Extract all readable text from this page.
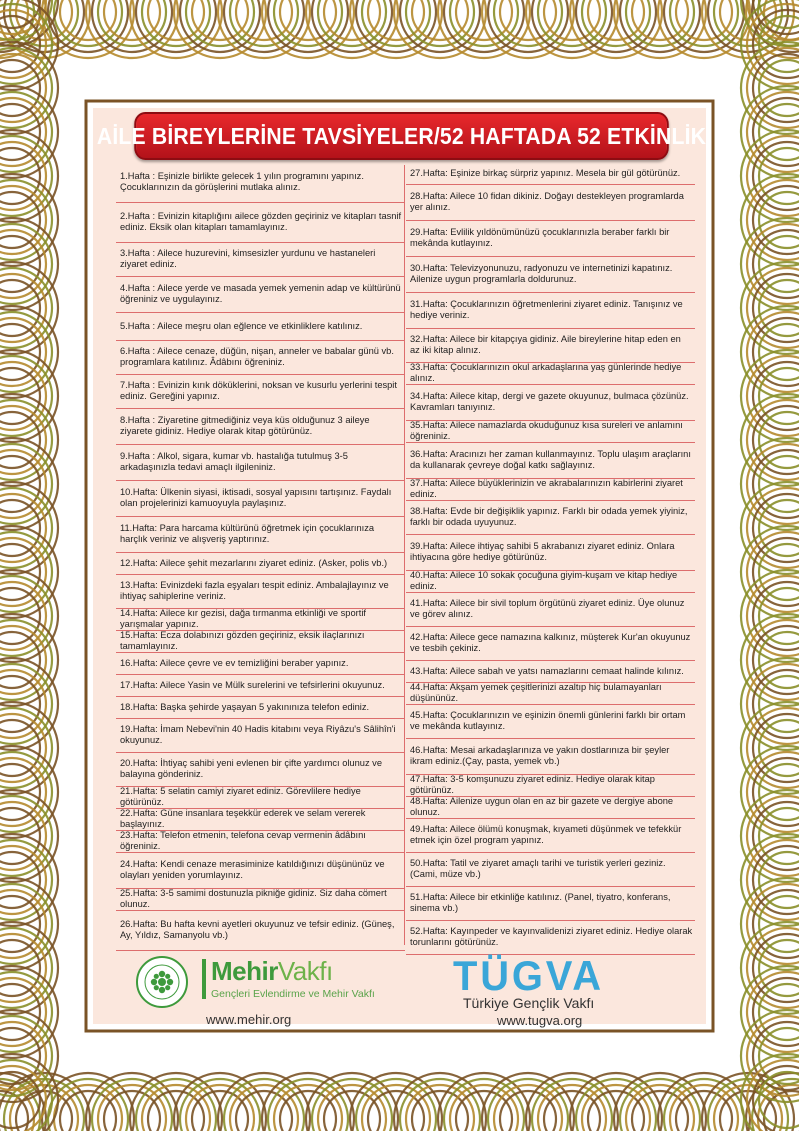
AİLE BİREYLERİNE TAVSİYELER/52 HAFTADA 52 ETKİNLİK
1.Hafta : Eşinizle birlikte gelecek 1 yılın programını yapınız. Çocuklarınızın da görüşlerini mutlaka alınız.
2.Hafta : Evinizin kitaplığını ailece gözden geçiriniz ve kitapları tasnif ediniz. Eksik olan kitapları tamamlayınız.
3.Hafta : Ailece huzurevini, kimsesizler yurdunu ve hastaneleri ziyaret ediniz.
4.Hafta : Ailece yerde ve masada yemek yemenin adap ve kültürünü öğreniniz ve uygulayınız.
5.Hafta : Ailece meşru olan eğlence ve etkinliklere katılınız.
6.Hafta : Ailece cenaze, düğün, nişan, anneler ve babalar günü vb. programlara katılınız. Âdâbını öğreniniz.
7.Hafta : Evinizin kırık döküklerini, noksan ve kusurlu yerlerini tespit ediniz. Gereğini yapınız.
8.Hafta : Ziyaretine gitmediğiniz veya küs olduğunuz 3 aileye ziyarete gidiniz. Hediye olarak kitap götürünüz.
9.Hafta : Alkol, sigara, kumar vb. hastalığa tutulmuş 3-5 arkadaşınızla tedavi amaçlı ilgileniniz.
10.Hafta: Ülkenin siyasi, iktisadi, sosyal yapısını tartışınız. Faydalı olan projelerinizi kamuoyuyla paylaşınız.
11.Hafta: Para harcama kültürünü öğretmek için çocuklarınıza harçlık veriniz ve alışveriş yaptırınız.
12.Hafta: Ailece şehit mezarlarını ziyaret ediniz. (Asker, polis vb.)
13.Hafta: Evinizdeki fazla eşyaları tespit ediniz. Ambalajlayınız ve ihtiyaç sahiplerine veriniz.
14.Hafta: Ailece kır gezisi, dağa tırmanma etkinliği ve sportif yarışmalar yapınız.
15.Hafta: Ecza dolabınızı gözden geçiriniz, eksik ilaçlarınızı tamamlayınız.
16.Hafta: Ailece çevre ve ev temizliğini beraber yapınız.
17.Hafta: Ailece Yasin ve Mülk surelerini ve tefsirlerini okuyunuz.
18.Hafta: Başka şehirde yaşayan 5 yakınınıza telefon ediniz.
19.Hafta: İmam Nebevi'nin 40 Hadis kitabını veya Riyâzu's Sâlihîn'i okuyunuz.
20.Hafta: İhtiyaç sahibi yeni evlenen bir çifte yardımcı olunuz ve balayına gönderiniz.
21.Hafta: 5 selatin camiyi ziyaret ediniz. Görevlilere hediye götürünüz.
22.Hafta: Güne insanlara teşekkür ederek ve selam vererek başlayınız.
23.Hafta: Telefon etmenin, telefona cevap vermenin âdâbını öğreniniz.
24.Hafta: Kendi cenaze merasiminize katıldığınızı düşününüz ve olayları yeniden yorumlayınız.
25.Hafta: 3-5 samimi dostunuzla pikniğe gidiniz. Siz daha cömert olunuz.
26.Hafta: Bu hafta kevni ayetleri okuyunuz ve tefsir ediniz. (Güneş, Ay, Yıldız, Samanyolu vb.)
27.Hafta: Eşinize birkaç sürpriz yapınız. Mesela bir gül götürünüz.
28.Hafta: Ailece 10 fidan dikiniz. Doğayı destekleyen programlarda yer alınız.
29.Hafta: Evlilik yıldönümünüzü çocuklarınızla beraber farklı bir mekânda kutlayınız.
30.Hafta: Televizyonunuzu, radyonuzu ve internetinizi kapatınız. Ailenize uygun programlarla doldurunuz.
31.Hafta: Çocuklarınızın öğretmenlerini ziyaret ediniz. Tanışınız ve hediye veriniz.
32.Hafta: Ailece bir kitapçıya gidiniz. Aile bireylerine hitap eden en az iki kitap alınız.
33.Hafta: Çocuklarınızın okul arkadaşlarına yaş günlerinde hediye alınız.
34.Hafta: Ailece kitap, dergi ve gazete okuyunuz, bulmaca çözünüz. Kavramları tanıyınız.
35.Hafta: Ailece namazlarda okuduğunuz kısa sureleri ve anlamını öğreniniz.
36.Hafta: Aracınızı her zaman kullanmayınız. Toplu ulaşım araçlarını da kullanarak çevreye doğal katkı sağlayınız.
37.Hafta: Ailece büyüklerinizin ve akrabalarınızın kabirlerini ziyaret ediniz.
38.Hafta: Evde bir değişiklik yapınız. Farklı bir odada yemek yiyiniz, farklı bir odada uyuyunuz.
39.Hafta: Ailece ihtiyaç sahibi 5 akrabanızı ziyaret ediniz. Onlara ihtiyacına göre hediye götürünüz.
40.Hafta: Ailece 10 sokak çocuğuna giyim-kuşam ve kitap hediye ediniz.
41.Hafta: Ailece bir sivil toplum örgütünü ziyaret ediniz. Üye olunuz ve görev alınız.
42.Hafta: Ailece gece namazına kalkınız, müşterek Kur'an okuyunuz ve tesbih çekiniz.
43.Hafta: Ailece sabah ve yatsı namazlarını cemaat halinde kılınız.
44.Hafta: Akşam yemek çeşitlerinizi azaltıp hiç bulamayanları düşününüz.
45.Hafta: Çocuklarınızın ve eşinizin önemli günlerini farklı bir ortam ve mekânda kutlayınız.
46.Hafta: Mesai arkadaşlarınıza ve yakın dostlarınıza bir şeyler ikram ediniz.(Çay, pasta, yemek vb.)
47.Hafta: 3-5 komşunuzu ziyaret ediniz. Hediye olarak kitap götürünüz.
48.Hafta: Ailenize uygun olan en az bir gazete ve dergiye abone olunuz.
49.Hafta: Ailece ölümü konuşmak, kıyameti düşünmek ve tefekkür etmek için özel program yapınız.
50.Hafta: Tatil ve ziyaret amaçlı tarihi ve turistik yerleri geziniz. (Cami, müze vb.)
51.Hafta: Ailece bir etkinliğe katılınız. (Panel, tiyatro, konferans, sinema vb.)
52.Hafta: Kayınpeder ve kayınvalidenizi ziyaret ediniz. Hediye olarak torunlarını götürünüz.
MehirVakfı
Gençleri Evlendirme ve Mehir Vakfı
www.mehir.org
TÜGVA
Türkiye Gençlik Vakfı
www.tugva.org
